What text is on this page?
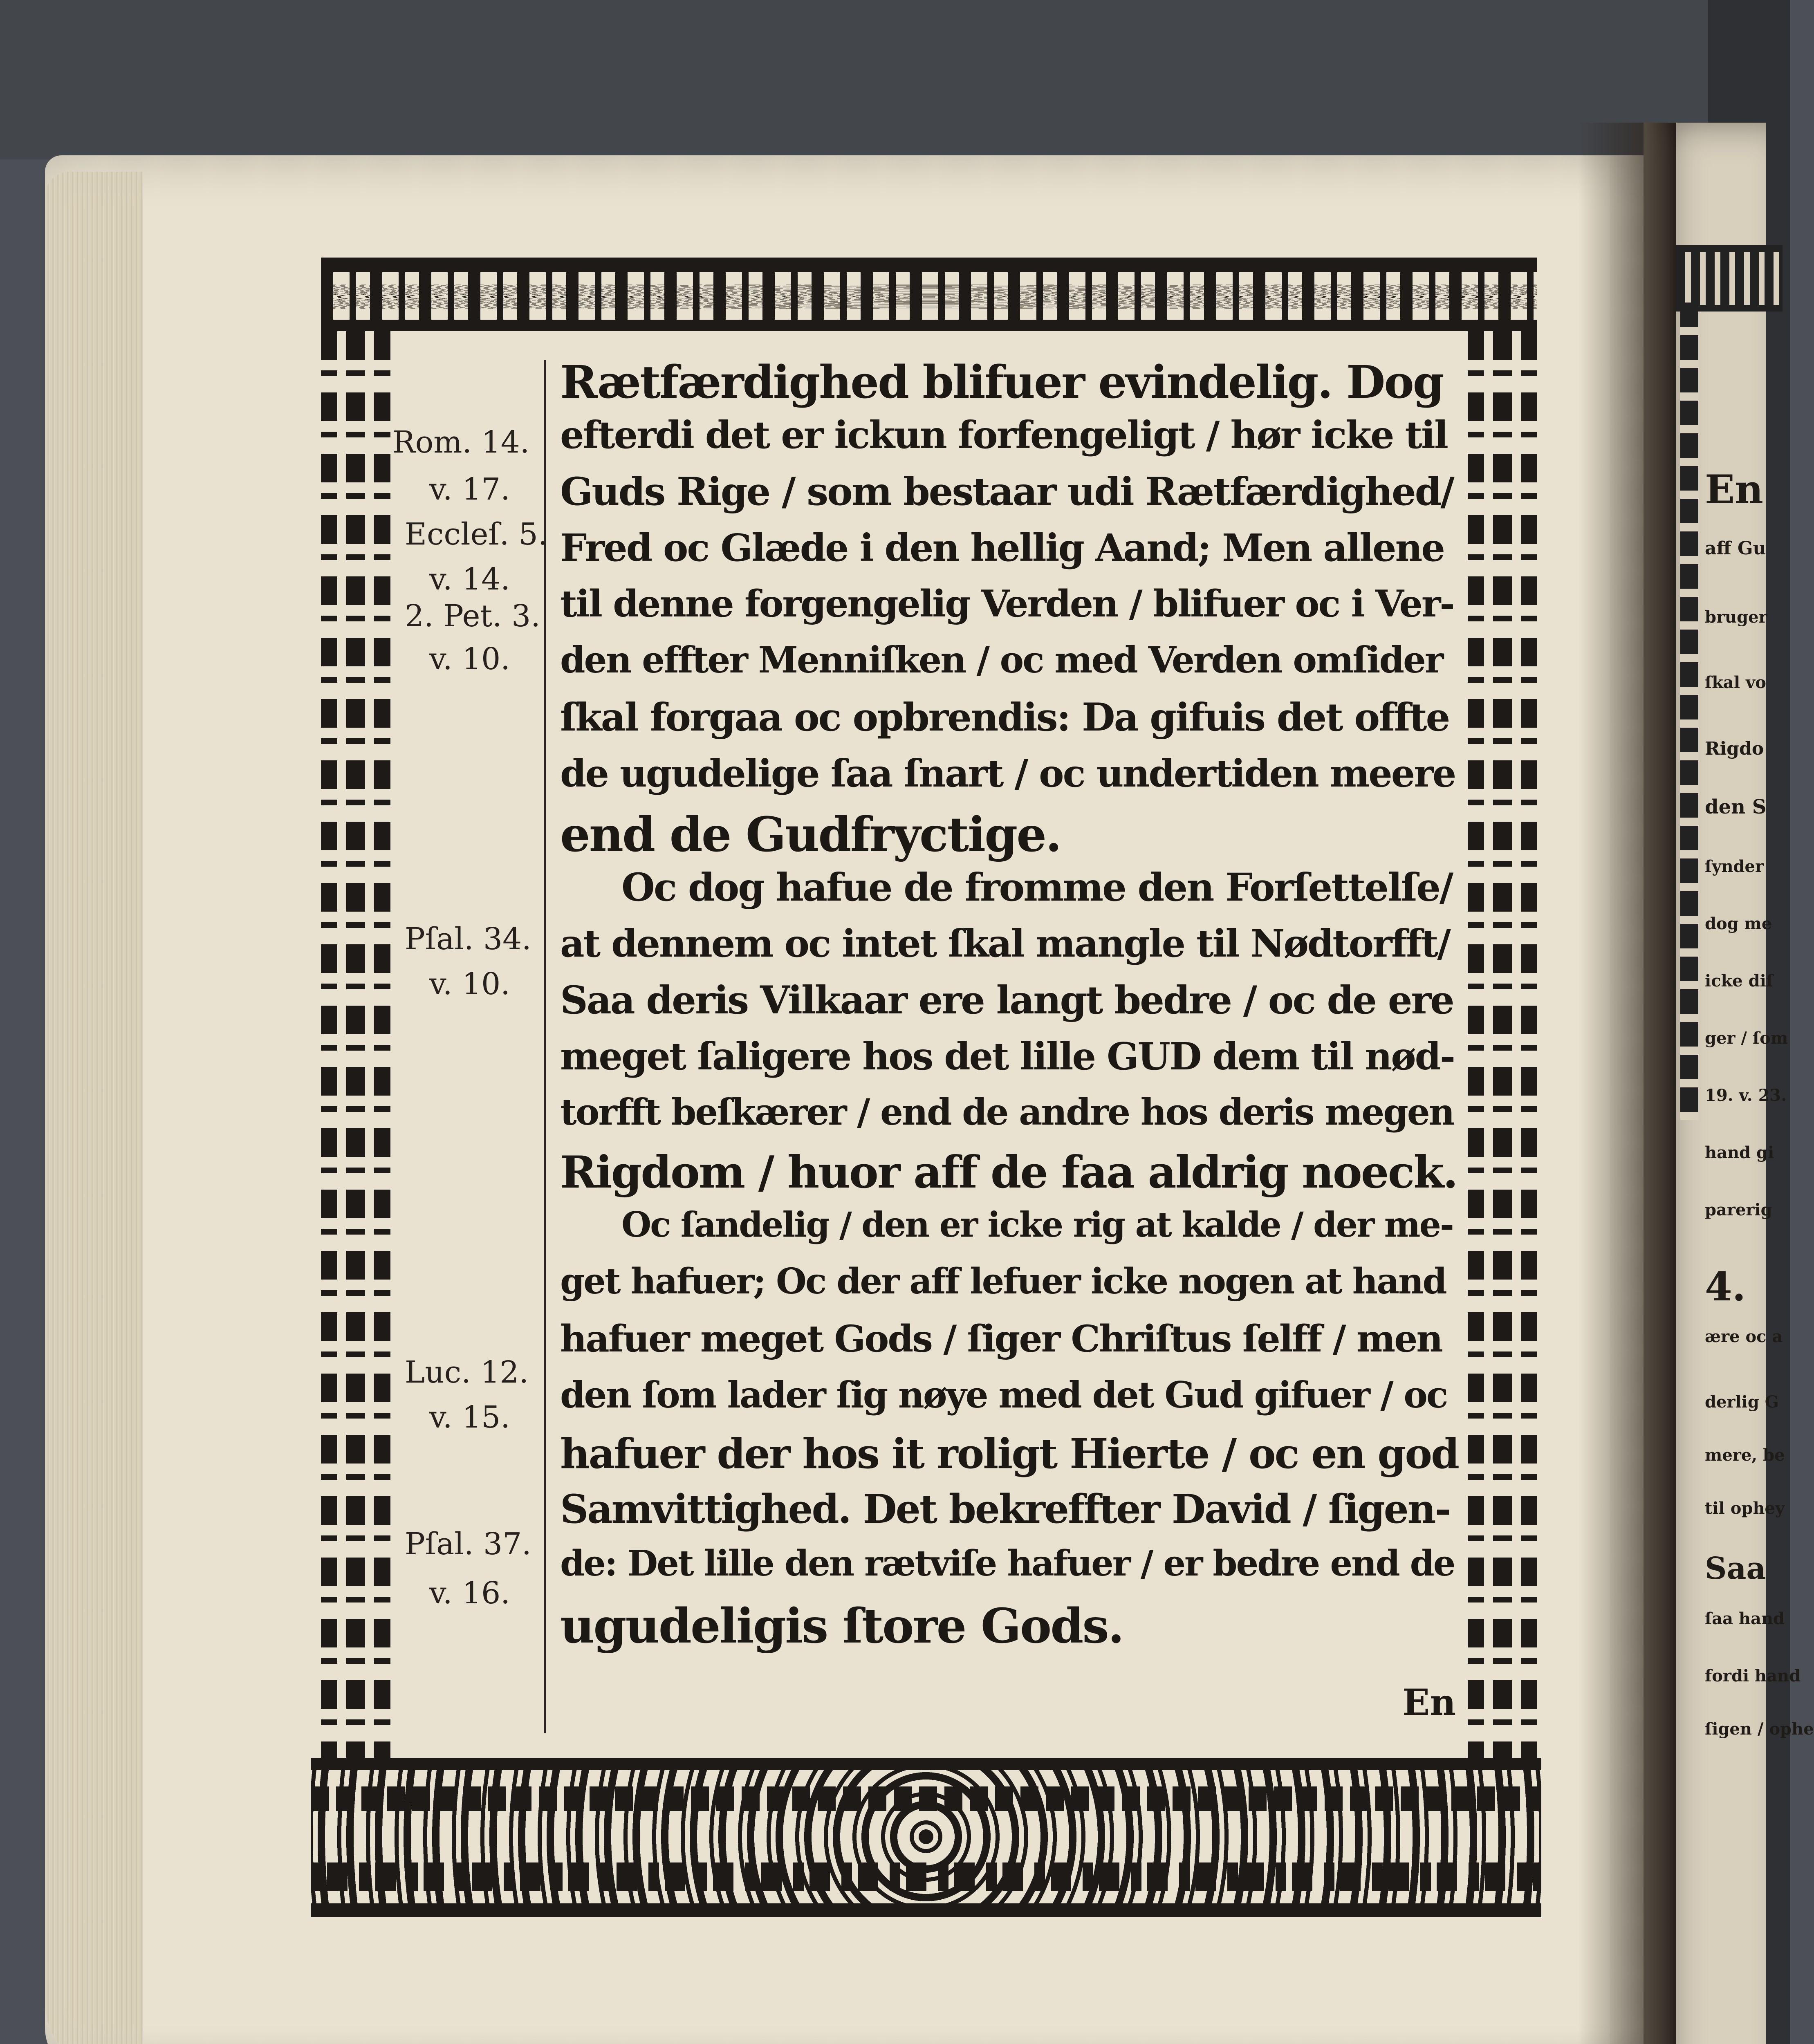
En
aff Gu
bruger
ſkal vo
Rigdo
den S
ſynder
dog me
icke diſ
ger / ſom
19. v. 23.
hand gi
parerig
4.
ære oc a
derlig G
mere, be
til ophey
Saa
ſaa hand
fordi hand
ſigen / ophe
Rom. 14.
v. 17.
Eccleſ. 5.
v. 14.
2. Pet. 3.
v. 10.
Pſal. 34.
v. 10.
Luc. 12.
v. 15.
Pſal. 37.
v. 16.
Rætfærdighed blifuer evindelig. Dog
efterdi det er ickun forfengeligt / hør icke til
Guds Rige / som bestaar udi Rætfærdighed/
Fred oc Glæde i den hellig Aand; Men allene
til denne forgengelig Verden / blifuer oc i Ver-
den effter Menniſken / oc med Verden omſider
ſkal forgaa oc opbrendis: Da gifuis det offte
de ugudelige ſaa ſnart / oc undertiden meere
end de Gudfryctige.
Oc dog hafue de fromme den Forſettelſe/
at dennem oc intet ſkal mangle til Nødtorfft/
Saa deris Vilkaar ere langt bedre / oc de ere
meget ſaligere hos det lille GUD dem til nød-
torfft beſkærer / end de andre hos deris megen
Rigdom / huor aff de faa aldrig noeck.
Oc ſandelig / den er icke rig at kalde / der me-
get hafuer; Oc der aff lefuer icke nogen at hand
hafuer meget Gods / ſiger Chriſtus ſelff / men
den ſom lader ſig nøye med det Gud gifuer / oc
hafuer der hos it roligt Hierte / oc en god
Samvittighed. Det bekreffter David / ſigen-
de: Det lille den rætviſe hafuer / er bedre end de
ugudeligis ſtore Gods.
En
